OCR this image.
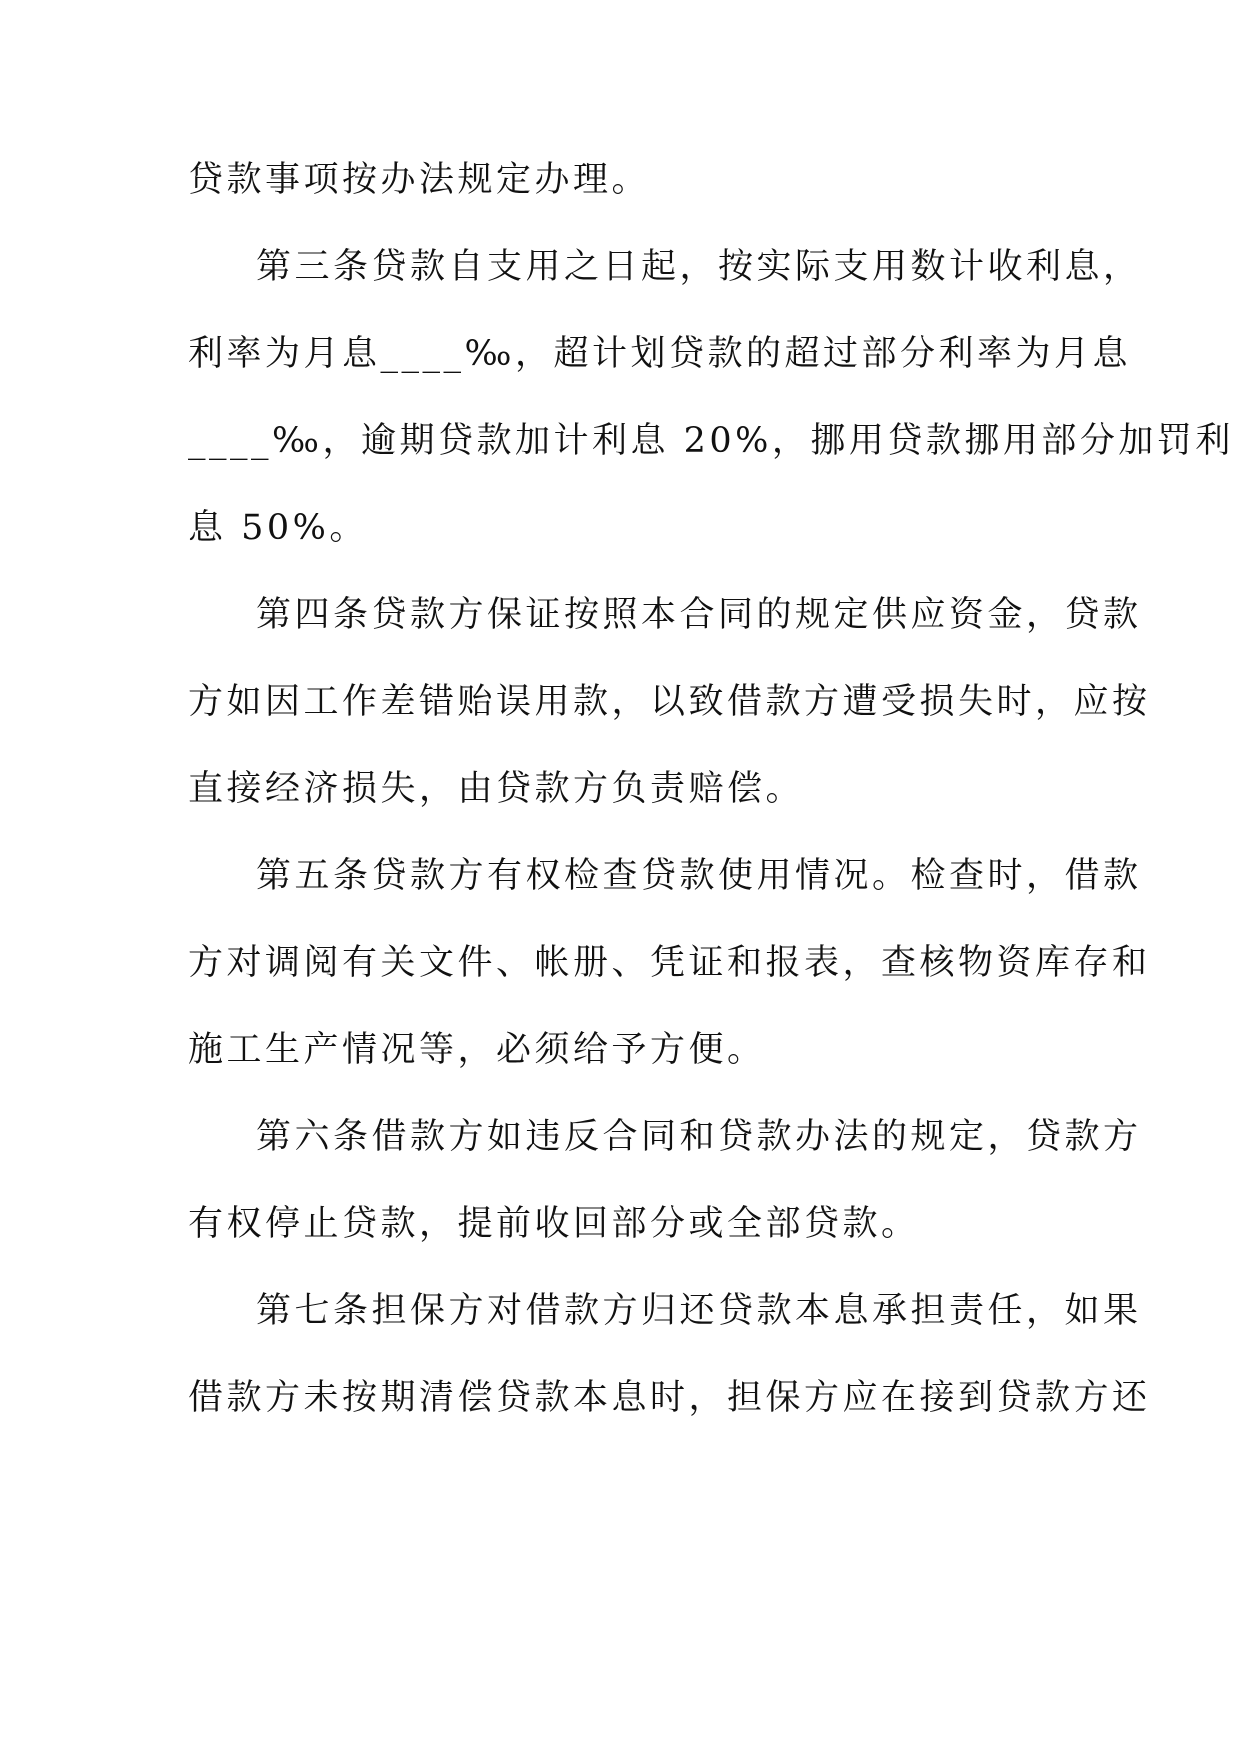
贷款事项按办法规定办理。
第三条贷款自支用之日起，按实际支用数计收利息，
利率为月息____‰，超计划贷款的超过部分利率为月息
____‰，逾期贷款加计利息 20%，挪用贷款挪用部分加罚利
息 50%。
第四条贷款方保证按照本合同的规定供应资金，贷款
方如因工作差错贻误用款，以致借款方遭受损失时，应按
直接经济损失，由贷款方负责赔偿。
第五条贷款方有权检查贷款使用情况。检查时，借款
方对调阅有关文件、帐册、凭证和报表，查核物资库存和
施工生产情况等，必须给予方便。
第六条借款方如违反合同和贷款办法的规定，贷款方
有权停止贷款，提前收回部分或全部贷款。
第七条担保方对借款方归还贷款本息承担责任，如果
借款方未按期清偿贷款本息时，担保方应在接到贷款方还
